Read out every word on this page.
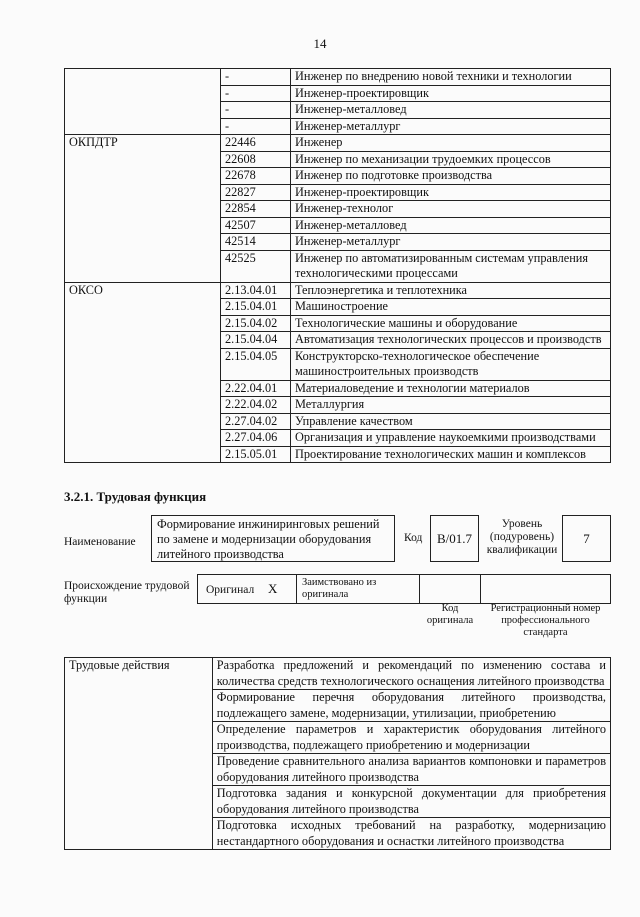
14
	-	Инженер по внедрению новой техники и технологии
	-	Инженер-проектировщик
	-	Инженер-металловед
	-	Инженер-металлург
ОКПДТР	22446	Инженер
	22608	Инженер по механизации трудоемких процессов
	22678	Инженер по подготовке производства
	22827	Инженер-проектировщик
	22854	Инженер-технолог
	42507	Инженер-металловед
	42514	Инженер-металлург
	42525	Инженер по автоматизированным системам управления технологическими процессами
ОКСО	2.13.04.01	Теплоэнергетика и теплотехника
	2.15.04.01	Машиностроение
	2.15.04.02	Технологические машины и оборудование
	2.15.04.04	Автоматизация технологических процессов и производств
	2.15.04.05	Конструкторско-технологическое обеспечение машиностроительных производств
	2.22.04.01	Материаловедение и технологии материалов
	2.22.04.02	Металлургия
	2.27.04.02	Управление качеством
	2.27.04.06	Организация и управление наукоемкими производствами
	2.15.05.01	Проектирование технологических машин и комплексов
3.2.1. Трудовая функция
Наименование
Формирование инжиниринговых решений по замене и модернизации оборудования литейного производства
Код	B/01.7
Уровень (подуровень) квалификации
7
Происхождение трудовой функции
Оригинал X	Заимствовано из оригинала
Код оригинала
Регистрационный номер профессионального стандарта
Трудовые действия	Разработка предложений и рекомендаций по изменению состава и количества средств технологического оснащения литейного производства
Формирование перечня оборудования литейного производства, подлежащего замене, модернизации, утилизации, приобретению
Определение параметров и характеристик оборудования литейного производства, подлежащего приобретению и модернизации
Проведение сравнительного анализа вариантов компоновки и параметров оборудования литейного производства
Подготовка задания и конкурсной документации для приобретения оборудования литейного производства
Подготовка исходных требований на разработку, модернизацию нестандартного оборудования и оснастки литейного производства
